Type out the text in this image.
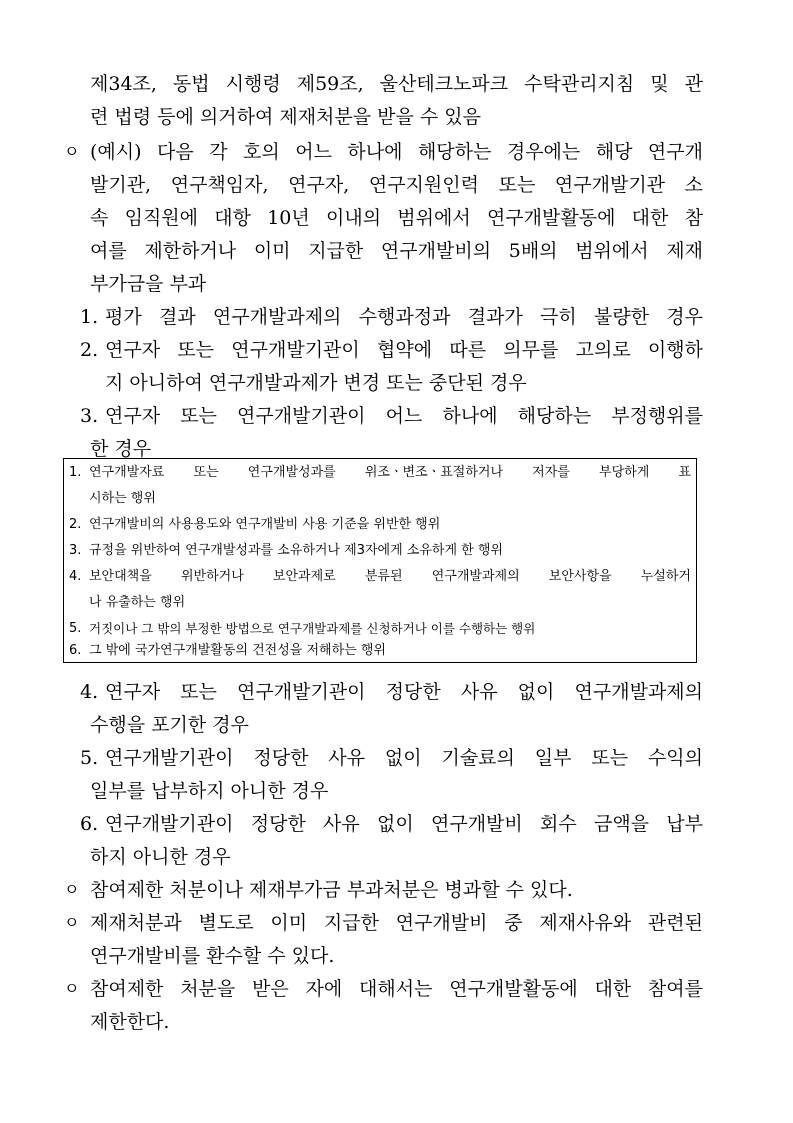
제34조, 동법 시행령 제59조, 울산테크노파크 수탁관리지침 및 관
련 법령 등에 의거하여 제재처분을 받을 수 있음
ㅇ (예시) 다음 각 호의 어느 하나에 해당하는 경우에는 해당 연구개
발기관, 연구책임자, 연구자, 연구지원인력 또는 연구개발기관 소
속 임직원에 대항 10년 이내의 범위에서 연구개발활동에 대한 참
여를 제한하거나 이미 지급한 연구개발비의 5배의 범위에서 제재
부가금을 부과
1. 평가 결과 연구개발과제의 수행과정과 결과가 극히 불량한 경우
2. 연구자 또는 연구개발기관이 협약에 따른 의무를 고의로 이행하
지 아니하여 연구개발과제가 변경 또는 중단된 경우
3. 연구자 또는 연구개발기관이 어느 하나에 해당하는 부정행위를
한 경우
1. 연구개발자료 또는 연구개발성과를 위조ㆍ변조ㆍ표절하거나 저자를 부당하게 표
시하는 행위
2. 연구개발비의 사용용도와 연구개발비 사용 기준을 위반한 행위
3. 규정을 위반하여 연구개발성과를 소유하거나 제3자에게 소유하게 한 행위
4. 보안대책을 위반하거나 보안과제로 분류된 연구개발과제의 보안사항을 누설하거
나 유출하는 행위
5. 거짓이나 그 밖의 부정한 방법으로 연구개발과제를 신청하거나 이를 수행하는 행위
6. 그 밖에 국가연구개발활동의 건전성을 저해하는 행위
4. 연구자 또는 연구개발기관이 정당한 사유 없이 연구개발과제의
수행을 포기한 경우
5. 연구개발기관이 정당한 사유 없이 기술료의 일부 또는 수익의
일부를 납부하지 아니한 경우
6. 연구개발기관이 정당한 사유 없이 연구개발비 회수 금액을 납부
하지 아니한 경우
ㅇ 참여제한 처분이나 제재부가금 부과처분은 병과할 수 있다.
ㅇ 제재처분과 별도로 이미 지급한 연구개발비 중 제재사유와 관련된
연구개발비를 환수할 수 있다.
ㅇ 참여제한 처분을 받은 자에 대해서는 연구개발활동에 대한 참여를
제한한다.
